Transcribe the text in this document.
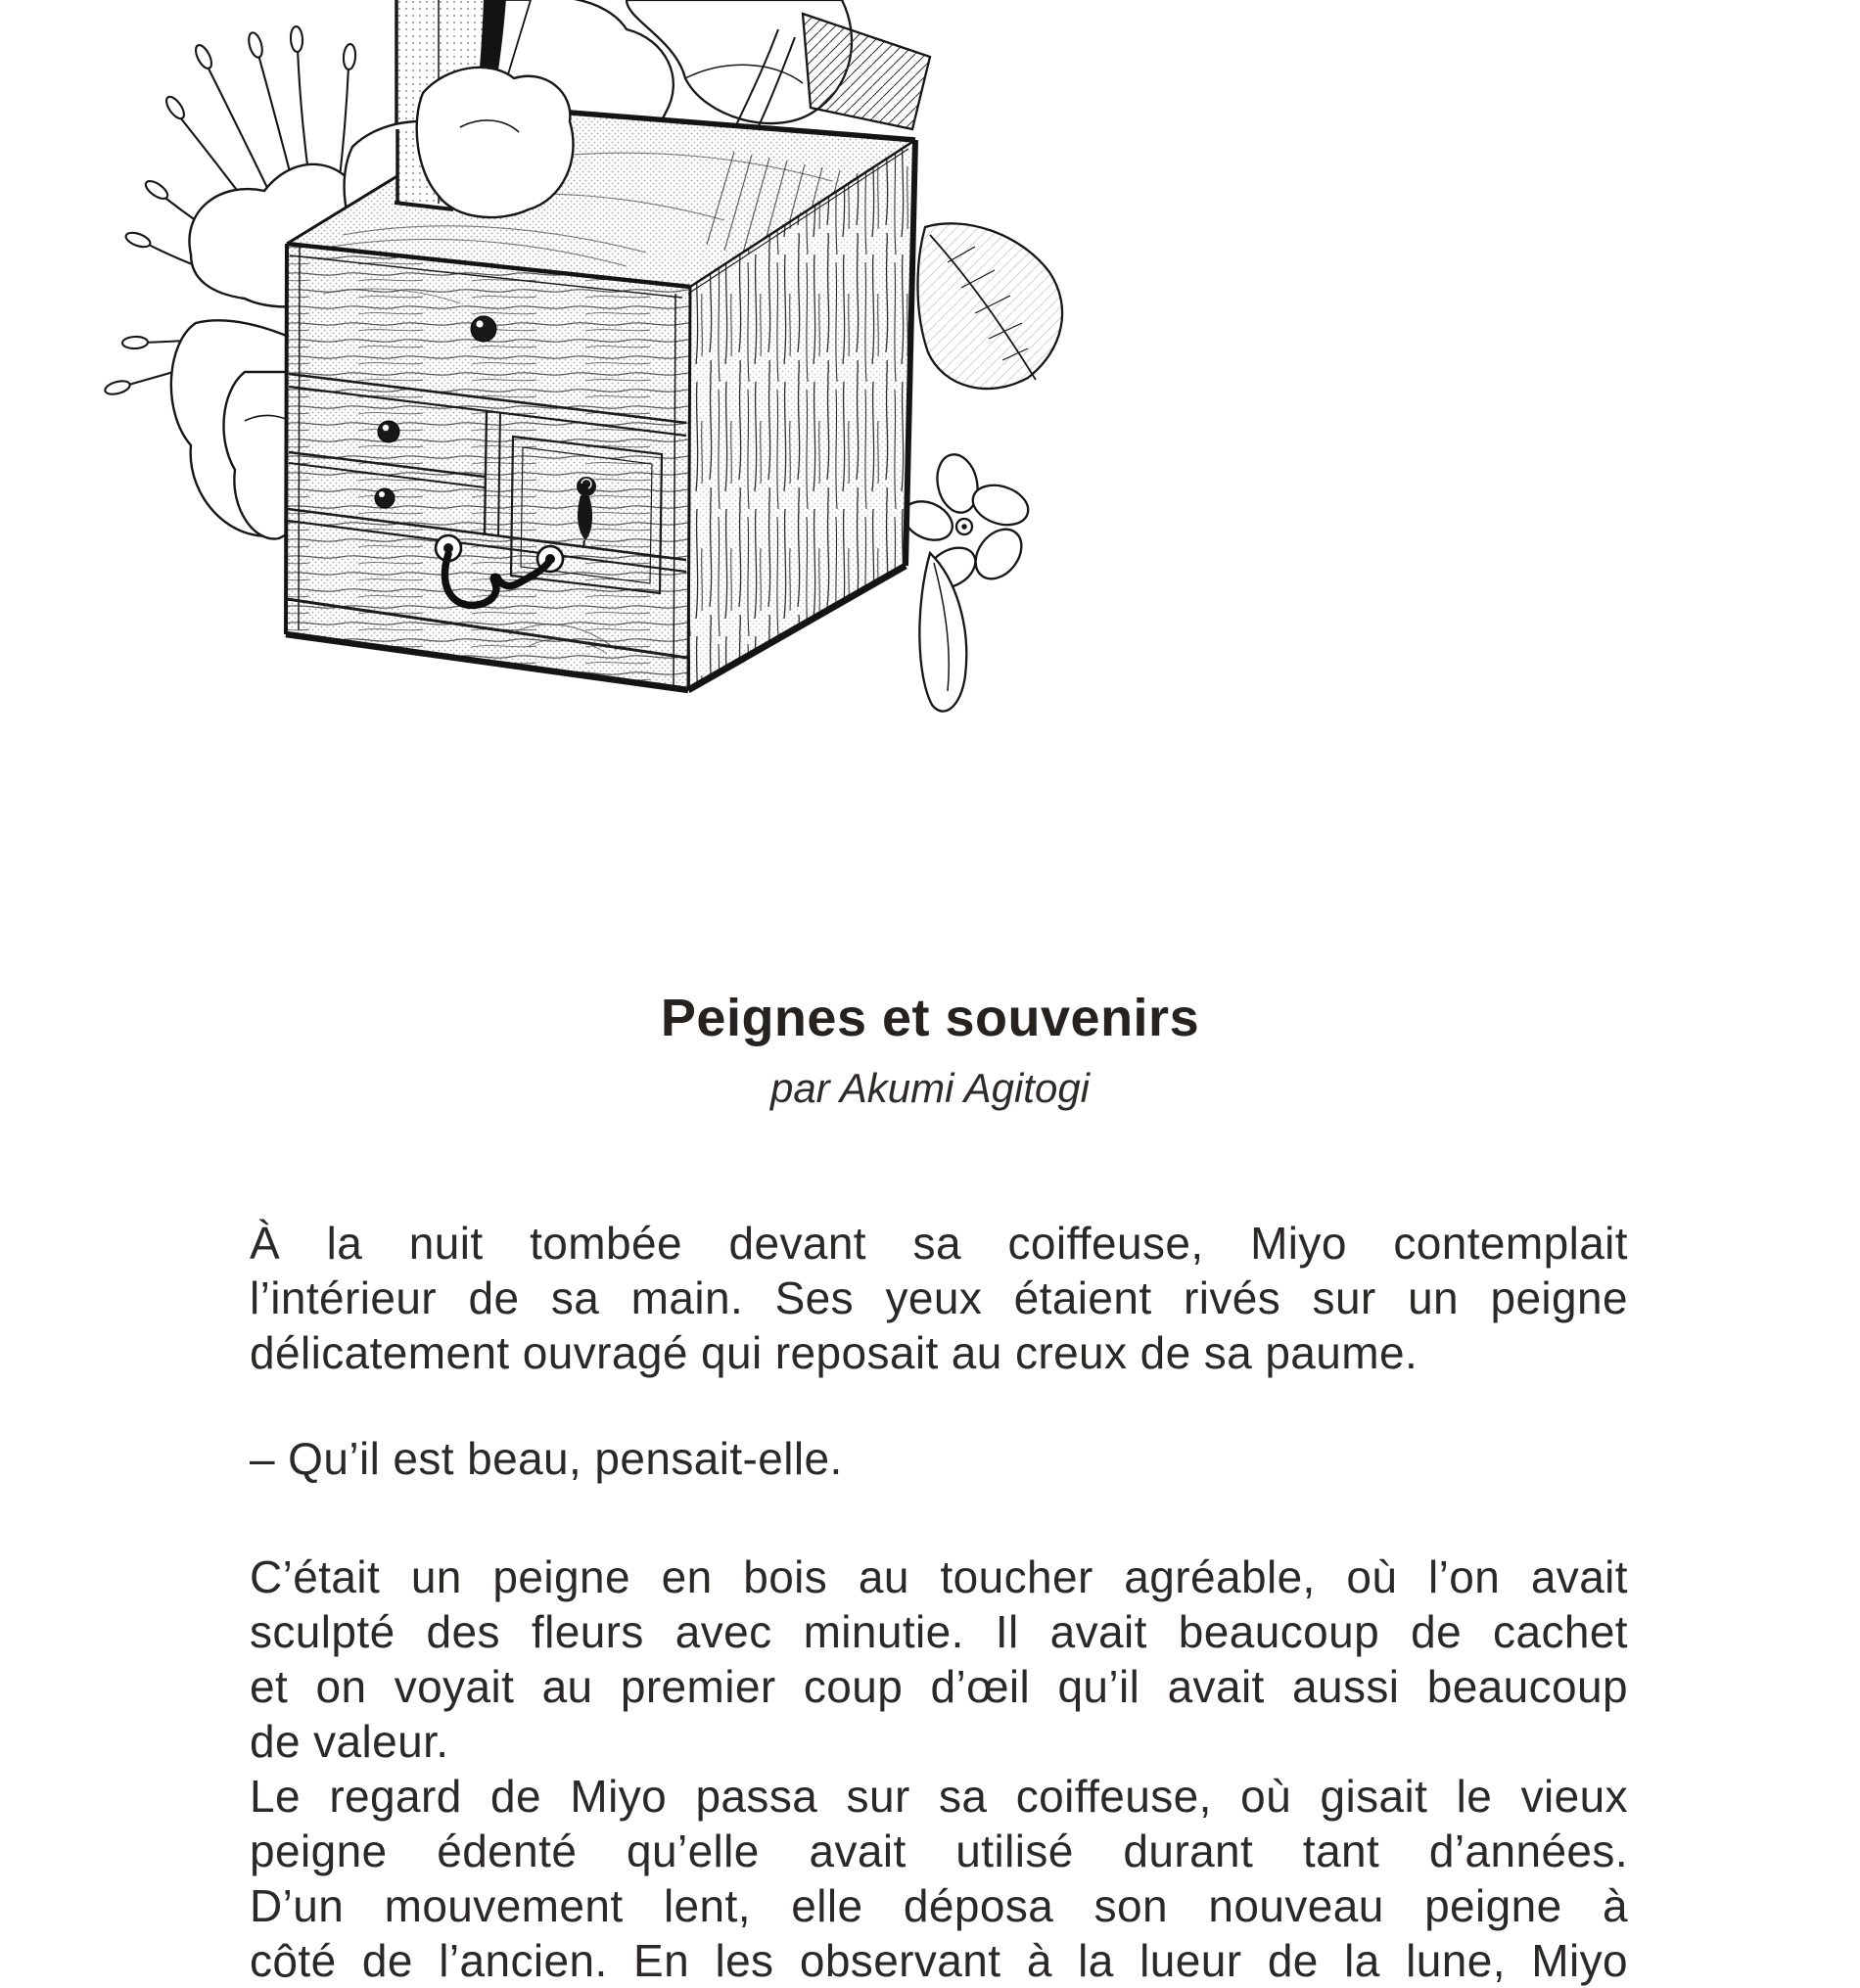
Peignes et souvenirs
par Akumi Agitogi
À la nuit tombée devant sa coiffeuse, Miyo contemplait
l’intérieur de sa main. Ses yeux étaient rivés sur un peigne
délicatement ouvragé qui reposait au creux de sa paume.
– Qu’il est beau, pensait-elle.
C’était un peigne en bois au toucher agréable, où l’on avait
sculpté des fleurs avec minutie. Il avait beaucoup de cachet
et on voyait au premier coup d’œil qu’il avait aussi beaucoup
de valeur.
Le regard de Miyo passa sur sa coiffeuse, où gisait le vieux
peigne édenté qu’elle avait utilisé durant tant d’années.
D’un mouvement lent, elle déposa son nouveau peigne à
côté de l’ancien. En les observant à la lueur de la lune, Miyo
